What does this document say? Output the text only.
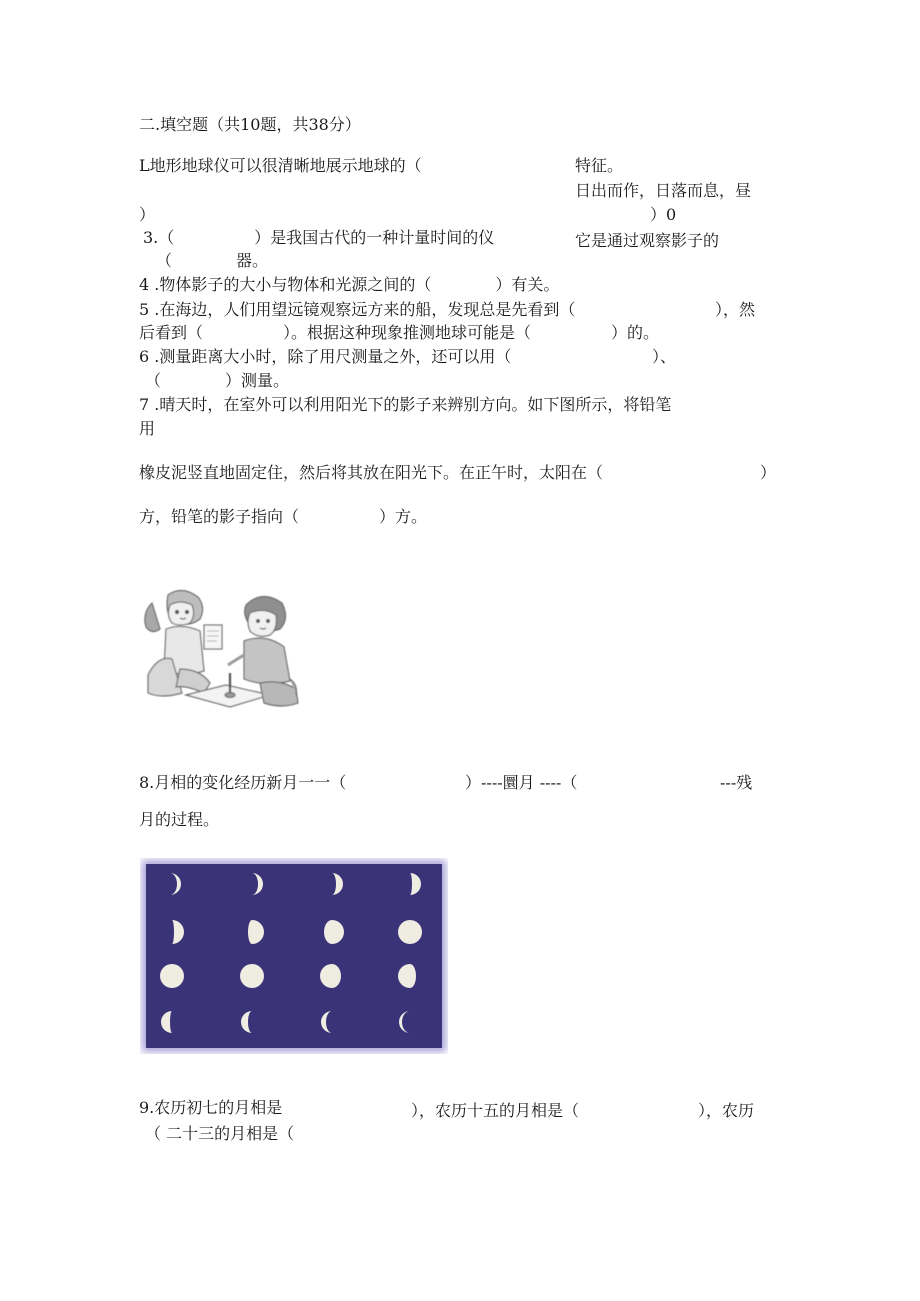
二.填空题（共10题，共38分）
L地形地球仪可以很清晰地展示地球的（	特征。
日出而作，日落而息，昼
）	）0
3.（　　　　　）是我国古代的一种计量时间的仪	它是通过观察影子的
（　　　　器。
4 .物体影子的大小与物体和光源之间的（　　　　）有关。
5 .在海边，人们用望远镜观察远方来的船，发现总是先看到（	），然
后看到（　　　　　）。根据这种现象推测地球可能是（　　　　　）的。
6 .测量距离大小时，除了用尺测量之外，还可以用（	）、
（　　　　）测量。
7 .晴天时，在室外可以利用阳光下的影子来辨别方向。如下图所示，将铅笔
用
橡皮泥竖直地固定住，然后将其放在阳光下。在正午时，太阳在（	）
方，铅笔的影子指向（　　　　　）方。
8.月相的变化经历新月一一（	）----圜月 ----（	---残
月的过程。
9.农历初七的月相是	），农历十五的月相是（	），农历
（ 二十三的月相是（
